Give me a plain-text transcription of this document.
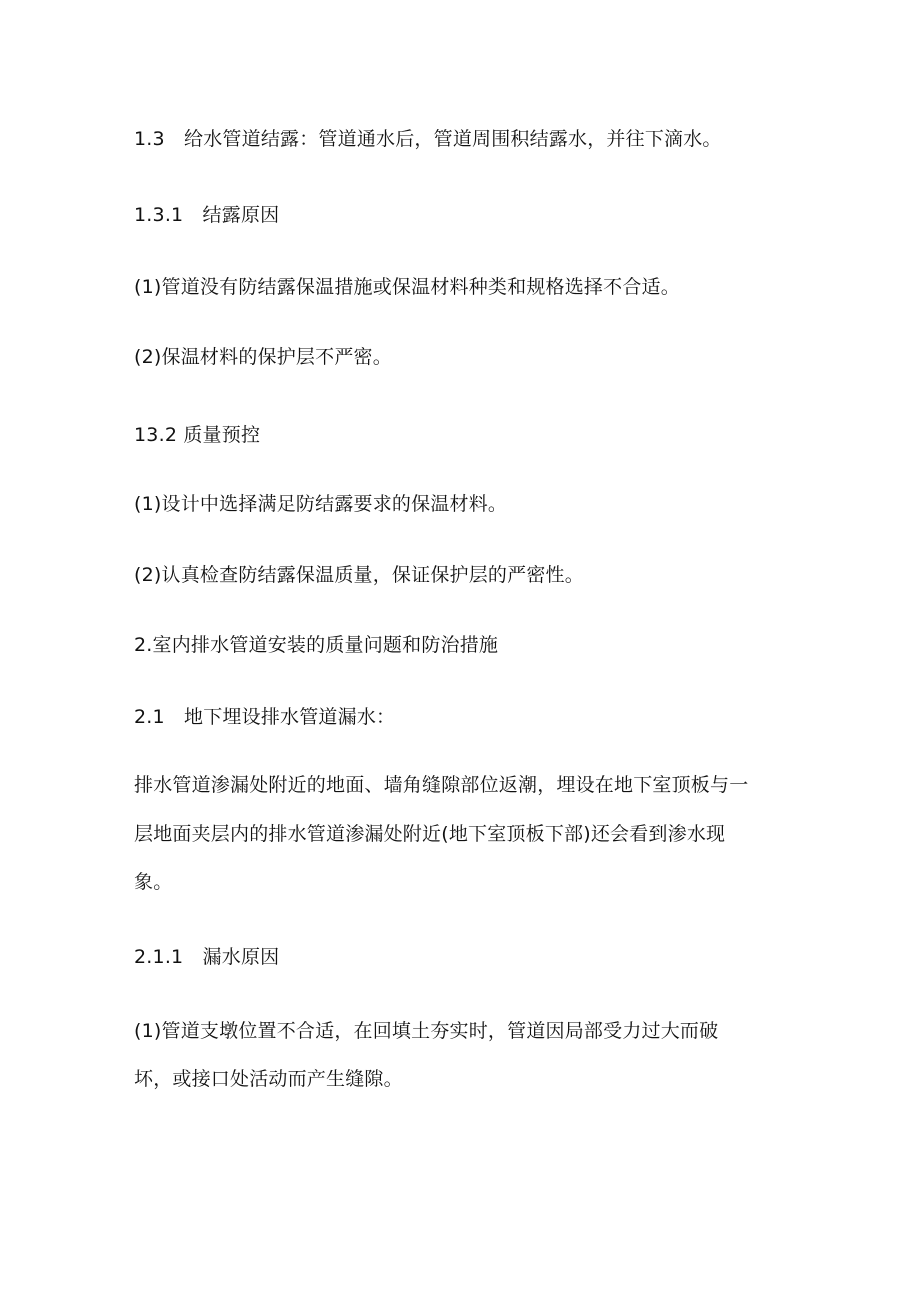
1.3　给水管道结露：管道通水后，管道周围积结露水，并往下滴水。
1.3.1　结露原因
(1)管道没有防结露保温措施或保温材料种类和规格选择不合适。
(2)保温材料的保护层不严密。
13.2 质量预控
(1)设计中选择满足防结露要求的保温材料。
(2)认真检查防结露保温质量，保证保护层的严密性。
2.室内排水管道安装的质量问题和防治措施
2.1　地下埋设排水管道漏水：
排水管道渗漏处附近的地面、墙角缝隙部位返潮，埋设在地下室顶板与一
层地面夹层内的排水管道渗漏处附近(地下室顶板下部)还会看到渗水现
象。
2.1.1　漏水原因
(1)管道支墩位置不合适，在回填土夯实时，管道因局部受力过大而破
坏，或接口处活动而产生缝隙。
